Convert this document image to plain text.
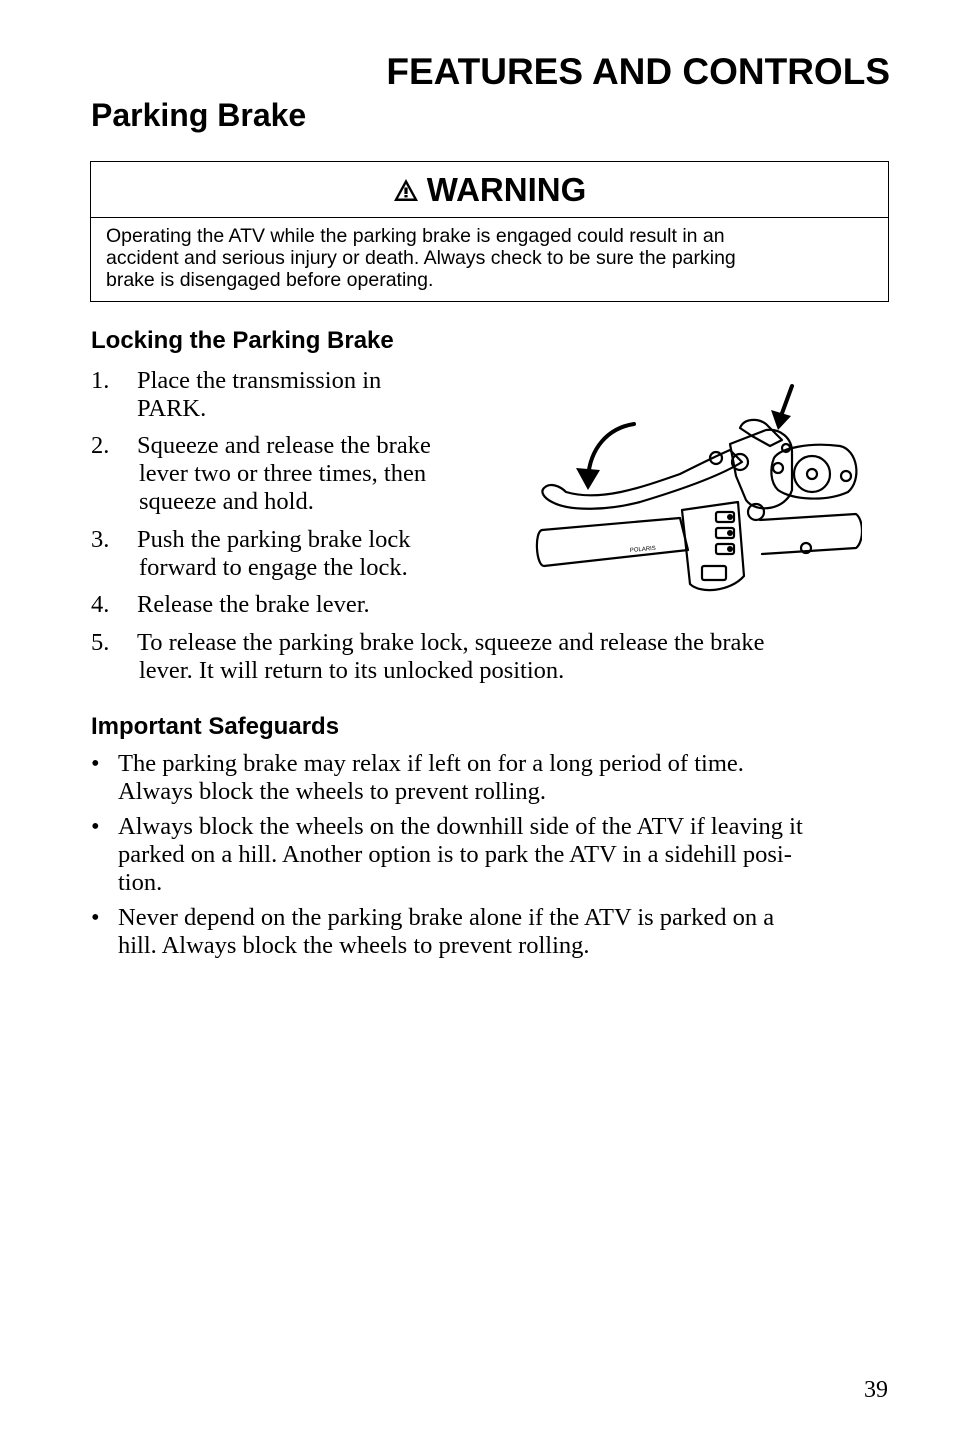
FEATURES AND CONTROLS
Parking Brake
WARNING
Operating the ATV while the parking brake is engaged could result in an
accident and serious injury or death. Always check to be sure the parking
brake is disengaged before operating.
Locking the Parking Brake
1.	Place the transmission in
PARK.
2.	Squeeze and release the brake
lever two or three times, then
squeeze and hold.
3.	Push the parking brake lock
forward to engage the lock.
4.	Release the brake lever.
5.	To release the parking brake lock, squeeze and release the brake
lever. It will return to its unlocked position.
POLARIS
Important Safeguards
• The parking brake may relax if left on for a long period of time.
Always block the wheels to prevent rolling.
• Always block the wheels on the downhill side of the ATV if leaving it
parked on a hill. Another option is to park the ATV in a sidehill posi-
tion.
• Never depend on the parking brake alone if the ATV is parked on a
hill. Always block the wheels to prevent rolling.
39
